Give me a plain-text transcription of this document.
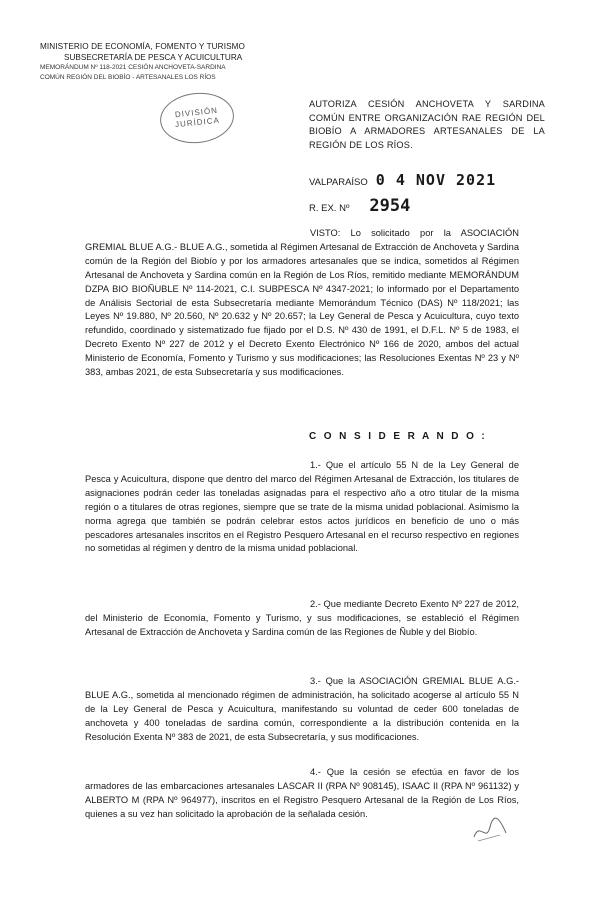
MINISTERIO DE ECONOMÍA, FOMENTO Y TURISMO
SUBSECRETARÍA DE PESCA Y ACUICULTURA
MEMORÁNDUM Nº 118-2021 CESIÓN ANCHOVETA-SARDINA
COMÚN REGIÓN DEL BIOBÍO - ARTESANALES LOS RÍOS
DIVISIÓN
JURÍDICA
AUTORIZA CESIÓN ANCHOVETA Y SARDINA COMÚN ENTRE ORGANIZACIÓN RAE REGIÓN DEL BIOBÍO A ARMADORES ARTESANALES DE LA REGIÓN DE LOS RÍOS.
VALPARAÍSO 0 4 NOV 2021
R. EX. Nº 2954
VISTO: Lo solicitado por la ASOCIACIÓN GREMIAL BLUE A.G.- BLUE A.G., sometida al Régimen Artesanal de Extracción de Anchoveta y Sardina común de la Región del Biobío y por los armadores artesanales que se indica, sometidos al Régimen Artesanal de Anchoveta y Sardina común en la Región de Los Ríos, remitido mediante MEMORÁNDUM DZPA BIO BIOÑUBLE Nº 114-2021, C.I. SUBPESCA Nº 4347-2021; lo informado por el Departamento de Análisis Sectorial de esta Subsecretaría mediante Memorándum Técnico (DAS) Nº 118/2021; las Leyes Nº 19.880, Nº 20.560, Nº 20.632 y Nº 20.657; la Ley General de Pesca y Acuicultura, cuyo texto refundido, coordinado y sistematizado fue fijado por el D.S. Nº 430 de 1991, el D.F.L. Nº 5 de 1983, el Decreto Exento Nº 227 de 2012 y el Decreto Exento Electrónico Nº 166 de 2020, ambos del actual Ministerio de Economía, Fomento y Turismo y sus modificaciones; las Resoluciones Exentas Nº 23 y Nº 383, ambas 2021, de esta Subsecretaría y sus modificaciones.
C O N S I D E R A N D O :
1.- Que el artículo 55 N de la Ley General de Pesca y Acuicultura, dispone que dentro del marco del Régimen Artesanal de Extracción, los titulares de asignaciones podrán ceder las toneladas asignadas para el respectivo año a otro titular de la misma región o a titulares de otras regiones, siempre que se trate de la misma unidad poblacional. Asimismo la norma agrega que también se podrán celebrar estos actos jurídicos en beneficio de uno o más pescadores artesanales inscritos en el Registro Pesquero Artesanal en el recurso respectivo en regiones no sometidas al régimen y dentro de la misma unidad poblacional.
2.- Que mediante Decreto Exento Nº 227 de 2012, del Ministerio de Economía, Fomento y Turismo, y sus modificaciones, se estableció el Régimen Artesanal de Extracción de Anchoveta y Sardina común de las Regiones de Ñuble y del Biobío.
3.- Que la ASOCIACIÓN GREMIAL BLUE A.G.- BLUE A.G., sometida al mencionado régimen de administración, ha solicitado acogerse al artículo 55 N de la Ley General de Pesca y Acuicultura, manifestando su voluntad de ceder 600 toneladas de anchoveta y 400 toneladas de sardina común, correspondiente a la distribución contenida en la Resolución Exenta Nº 383 de 2021, de esta Subsecretaría, y sus modificaciones.
4.- Que la cesión se efectúa en favor de los armadores de las embarcaciones artesanales LASCAR II (RPA Nº 908145), ISAAC II (RPA Nº 961132) y ALBERTO M (RPA Nº 964977), inscritos en el Registro Pesquero Artesanal de la Región de Los Ríos, quienes a su vez han solicitado la aprobación de la señalada cesión.
